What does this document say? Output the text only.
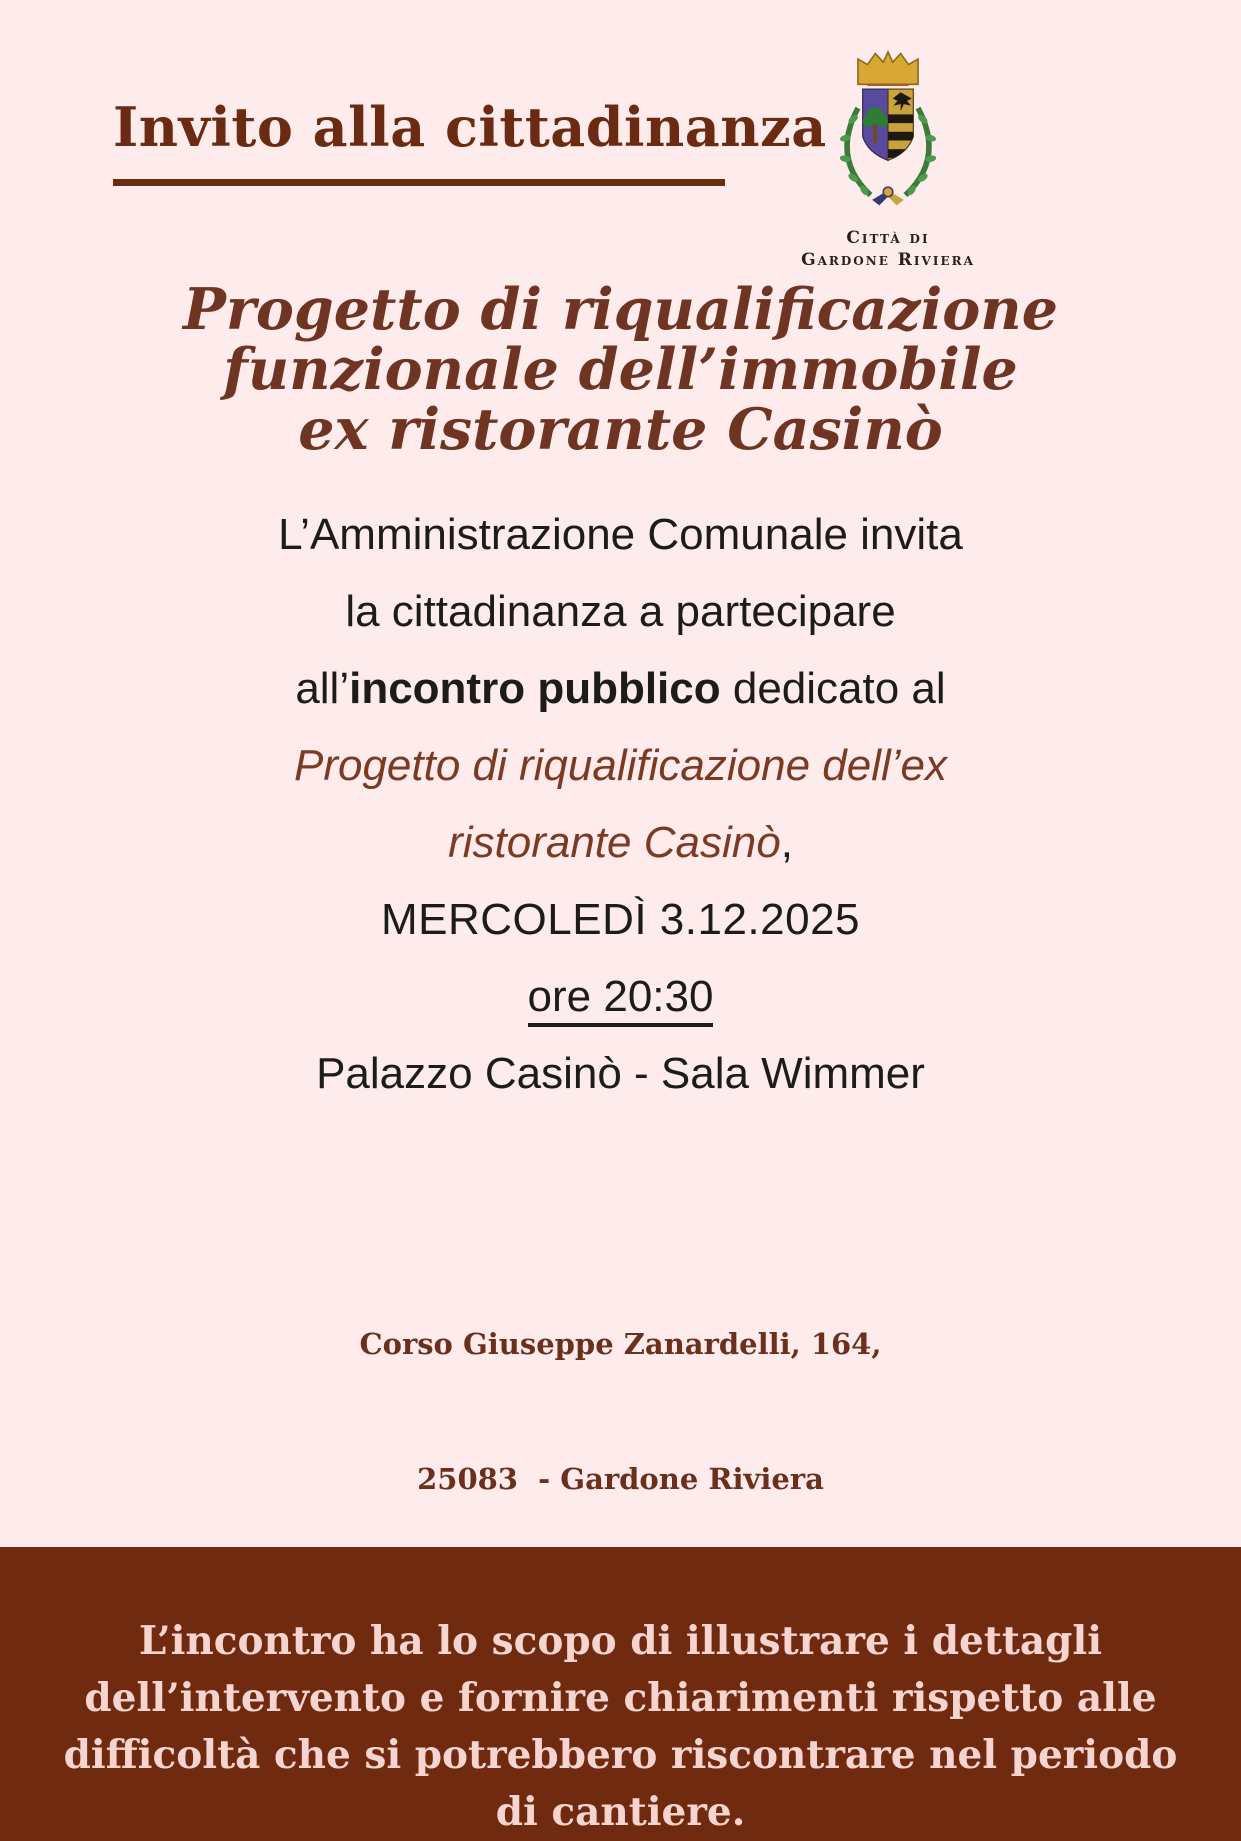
Invito alla cittadinanza
Città di
Gardone Riviera
Progetto di riqualificazione
funzionale dell’immobile
ex ristorante Casinò
L’Amministrazione Comunale invita
la cittadinanza a partecipare
all’incontro pubblico dedicato al
Progetto di riqualificazione dell’ex
ristorante Casinò,
MERCOLEDÌ 3.12.2025
ore 20:30
Palazzo Casinò - Sala Wimmer

Corso Giuseppe Zanardelli, 164,

25083  - Gardone Riviera

L’incontro ha lo scopo di illustrare i dettagli
dell’intervento e fornire chiarimenti rispetto alle
difficoltà che si potrebbero riscontrare nel periodo
di cantiere.
